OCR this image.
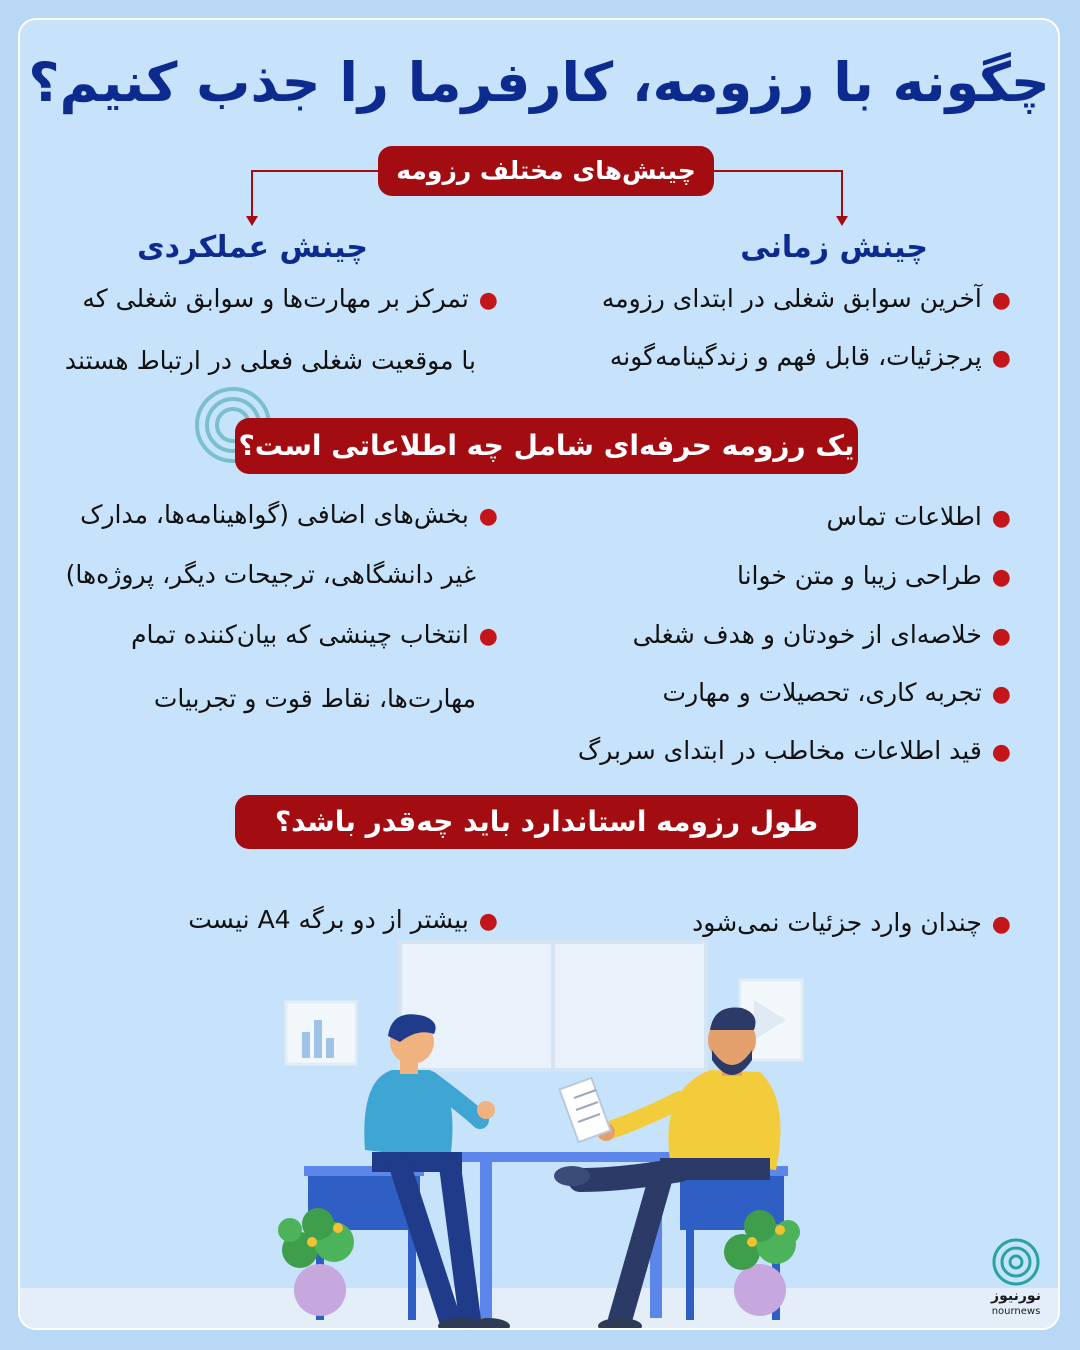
چگونه با رزومه، کارفرما را جذب کنیم؟
چینش‌های مختلف رزومه
چینش زمانی
چینش عملکردی
●آخرین سوابق شغلی در ابتدای رزومه
●پرجزئیات، قابل فهم و زندگینامه‌گونه
●تمرکز بر مهارت‌ها و سوابق شغلی که
با موقعیت شغلی فعلی در ارتباط هستند
یک رزومه حرفه‌ای شامل چه اطلاعاتی است؟
●اطلاعات تماس
●طراحی زیبا و متن خوانا
●خلاصه‌ای از خودتان و هدف شغلی
●تجربه کاری، تحصیلات و مهارت
●قید اطلاعات مخاطب در ابتدای سربرگ
●بخش‌های اضافی (گواهینامه‌ها، مدارک
غیر دانشگاهی، ترجیحات دیگر، پروژه‌ها)
●انتخاب چینشی که بیان‌کننده تمام
مهارت‌ها، نقاط قوت و تجربیات
طول رزومه استاندارد باید چه‌قدر باشد؟
●چندان وارد جزئیات نمی‌شود
●بیشتر از دو برگه A4 نیست
نورنیوز
nournews
